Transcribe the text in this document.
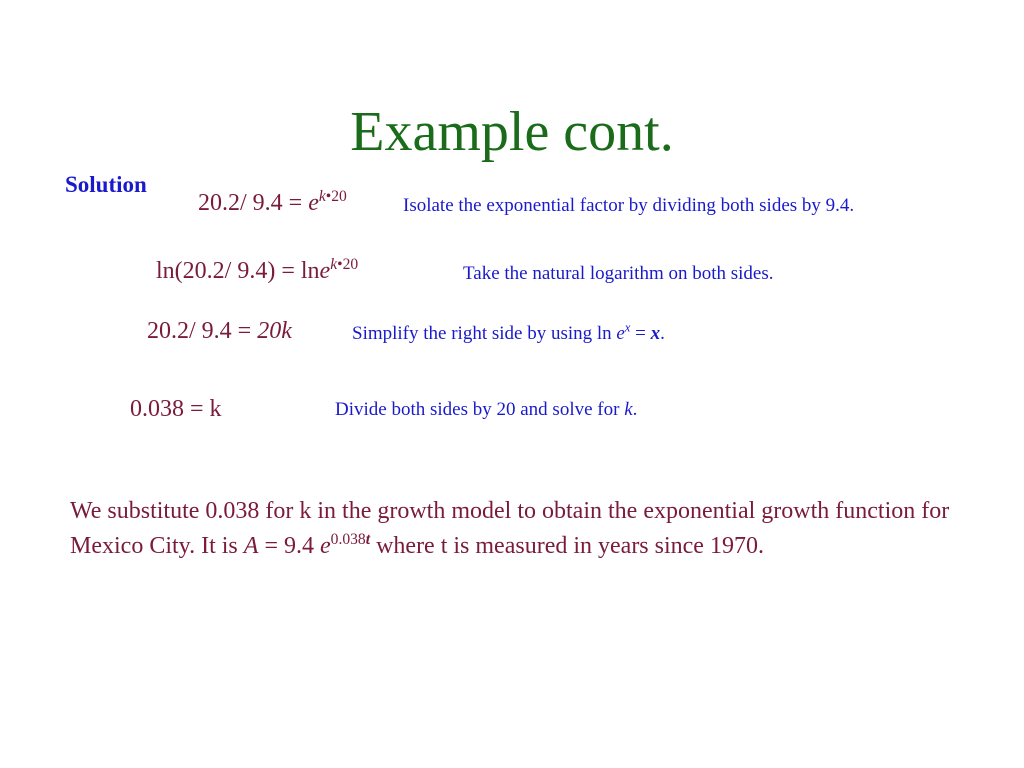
Example cont.
Solution
20.2/ $9.4 = e^{k•20}$	Isolate the exponential factor by dividing both sides by 9.4.
ln(20.2/ 9.4) = lne$^{k•20}$	Take the natural logarithm on both sides.
20.2/ 9.4 = 20k	Simplify the right side by using $\ln e^x = x$.
0.038 = k	Divide both sides by 20 and solve for k.
We substitute 0.038 for k in the growth model to obtain the exponential growth function for Mexico City. It is A = 9.4 $e^{0.038t}$ where t is measured in years since 1970.
